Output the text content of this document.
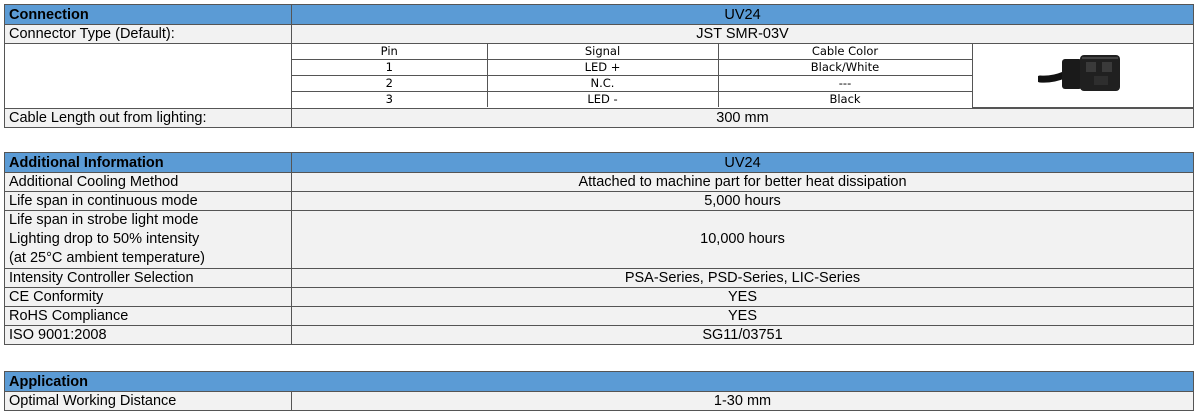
Connection	UV24
Connector Type (Default):	JST SMR-03V

Pin	Signal	Cable Color	
1	LED +	Black/White
2	N.C.	---
3	LED -	Black

Cable Length out from lighting:	300 mm
Additional Information	UV24
Additional Cooling Method	Attached to machine part for better heat dissipation
Life span in continuous mode	5,000 hours

Life span in strobe light mode
Lighting drop to 50% intensity
(at 25°C ambient temperature)	10,000 hours
Intensity Controller Selection	PSA-Series, PSD-Series, LIC-Series
CE Conformity	YES
RoHS Compliance	YES
ISO 9001:2008	SG11/03751
Application
Optimal Working Distance	1-30 mm
